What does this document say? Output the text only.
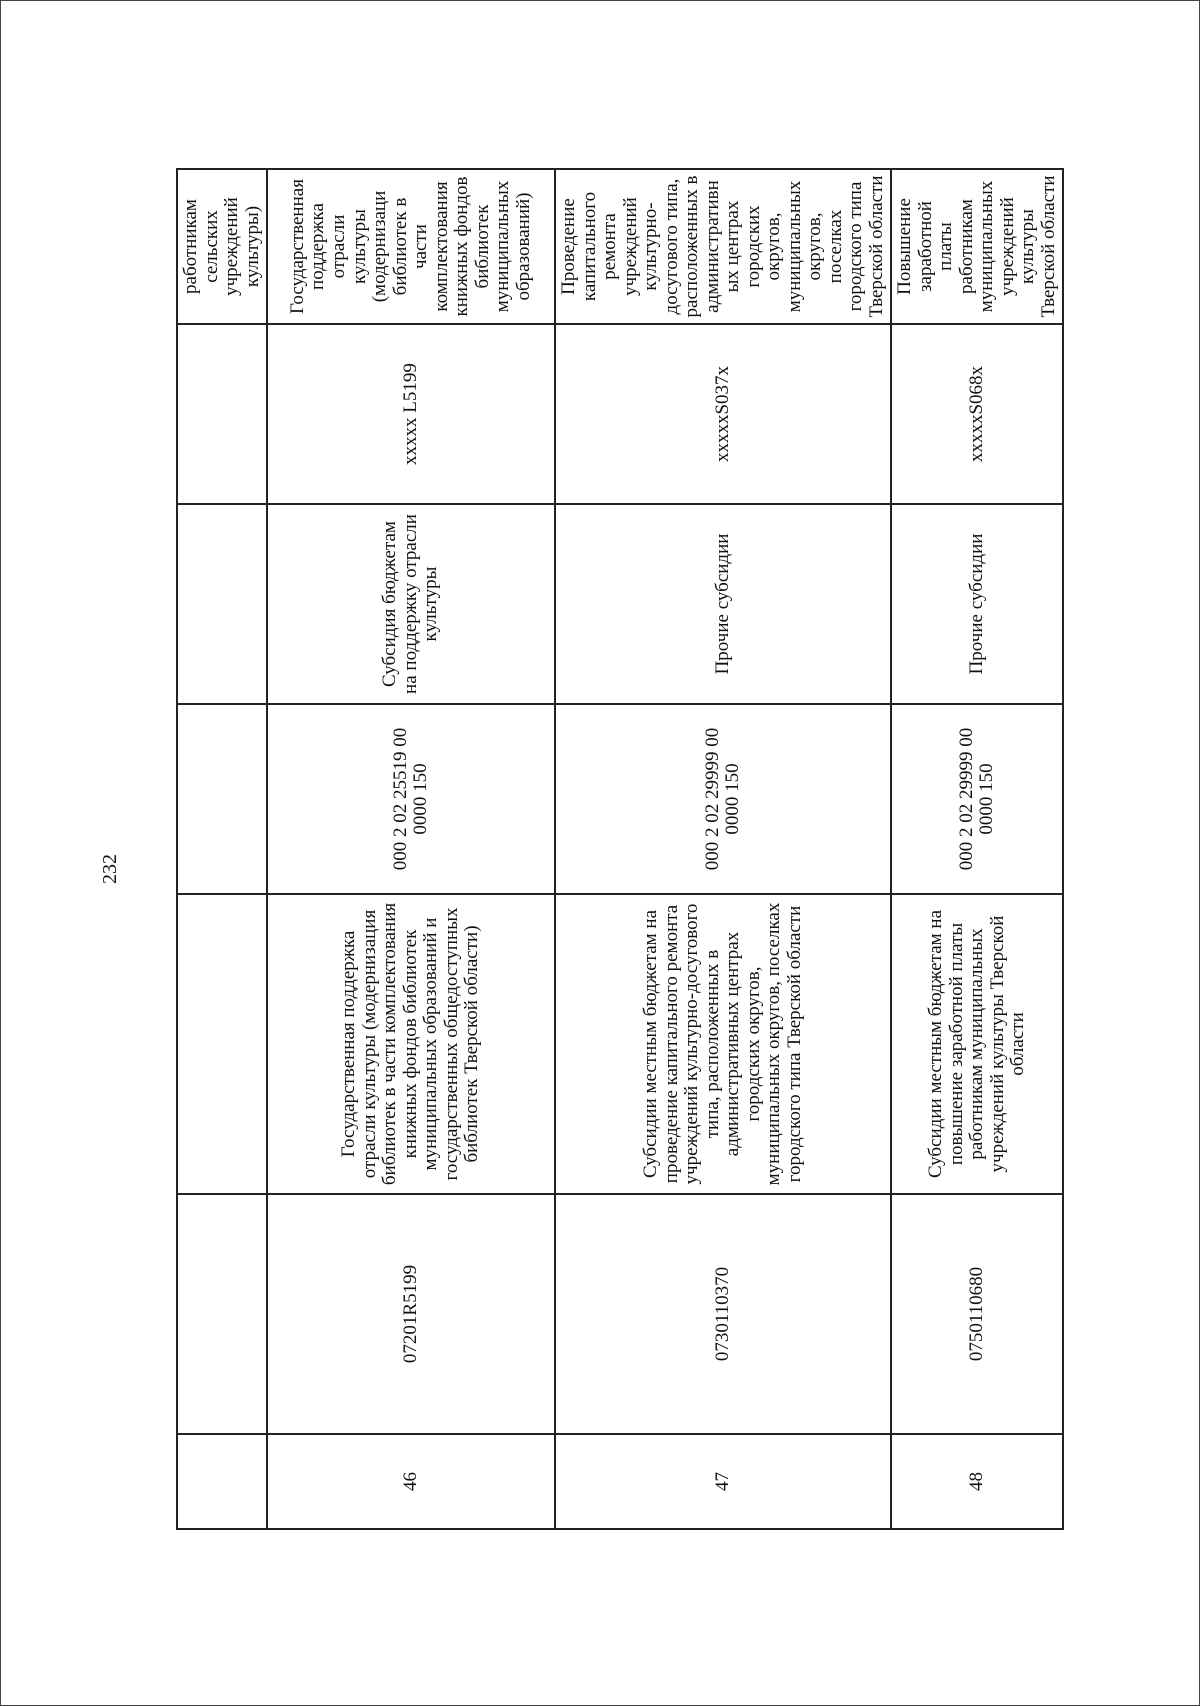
232
						работникам сельских учреждений культуры)
46	07201R5199	Государственная поддержка отрасли культуры (модернизация библиотек в части комплектования книжных фондов библиотек муниципальных образований и государственных общедоступных библиотек Тверской области)	000 2 02 25519 00 0000 150	Субсидия бюджетам на поддержку отрасли культуры	xxxxx L5199	Государственная поддержка отрасли культуры (модернизаци библиотек в части комплектования книжных фондов библиотек муниципальных образований)
47	0730110370	Субсидии местным бюджетам на проведение капитального ремонта учреждений культурно-досугового типа, расположенных в административных центрах городских округов, муниципальных округов, поселках городского типа Тверской области	000 2 02 29999 00 0000 150	Прочие субсидии	xxxxxS037x	Проведение капитального ремонта учреждений культурно-досугового типа, расположенных в административных центрах городских округов, муниципальных округов, поселках городского типа Тверской области
48	0750110680	Субсидии местным бюджетам на повышение заработной платы работникам муниципальных учреждений культуры Тверской области	000 2 02 29999 00 0000 150	Прочие субсидии	xxxxxS068x	Повышение заработной платы работникам муниципальных учреждений культуры Тверской области
